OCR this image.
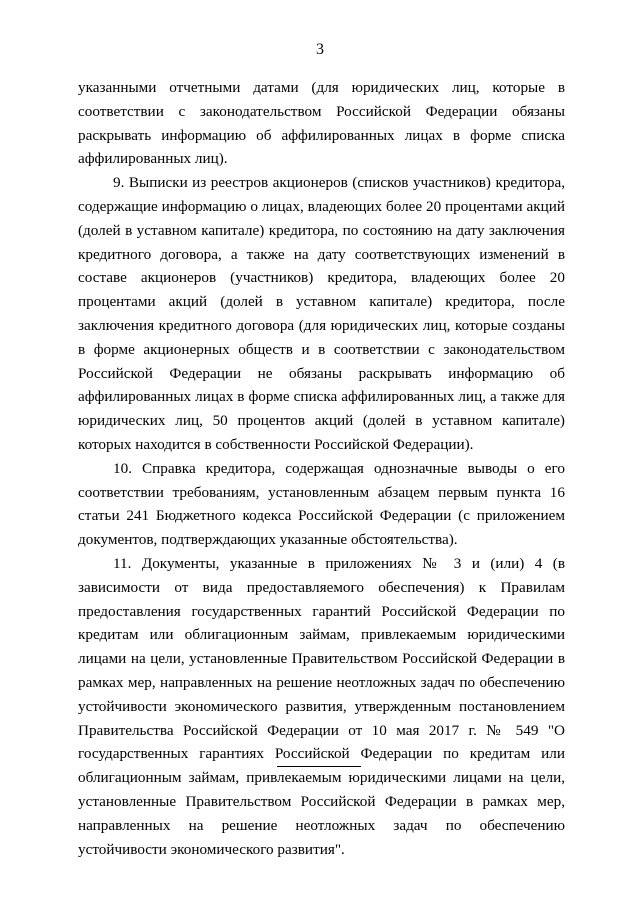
3

указанными отчетными датами (для юридических лиц, которые в соответствии с законодательством Российской Федерации обязаны раскрывать информацию об аффилированных лицах в форме списка аффилированных лиц).

9. Выписки из реестров акционеров (списков участников) кредитора, содержащие информацию о лицах, владеющих более 20 процентами акций (долей в уставном капитале) кредитора, по состоянию на дату заключения кредитного договора, а также на дату соответствующих изменений в составе акционеров (участников) кредитора, владеющих более 20 процентами акций (долей в уставном капитале) кредитора, после заключения кредитного договора (для юридических лиц, которые созданы в форме акционерных обществ и в соответствии с законодательством Российской Федерации не обязаны раскрывать информацию об аффилированных лицах в форме списка аффилированных лиц, а также для юридических лиц, 50 процентов акций (долей в уставном капитале) которых находится в собственности Российской Федерации).

10. Справка кредитора, содержащая однозначные выводы о его соответствии требованиям, установленным абзацем первым пункта 16 статьи 241 Бюджетного кодекса Российской Федерации (с приложением документов, подтверждающих указанные обстоятельства).

11. Документы, указанные в приложениях № 3 и (или) 4 (в зависимости от вида предоставляемого обеспечения) к Правилам предоставления государственных гарантий Российской Федерации по кредитам или облигационным займам, привлекаемым юридическими лицами на цели, установленные Правительством Российской Федерации в рамках мер, направленных на решение неотложных задач по обеспечению устойчивости экономического развития, утвержденным постановлением Правительства Российской Федерации от 10 мая 2017 г. № 549 "О государственных гарантиях Российской Федерации по кредитам или облигационным займам, привлекаемым юридическими лицами на цели, установленные Правительством Российской Федерации в рамках мер, направленных на решение неотложных задач по обеспечению устойчивости экономического развития".
